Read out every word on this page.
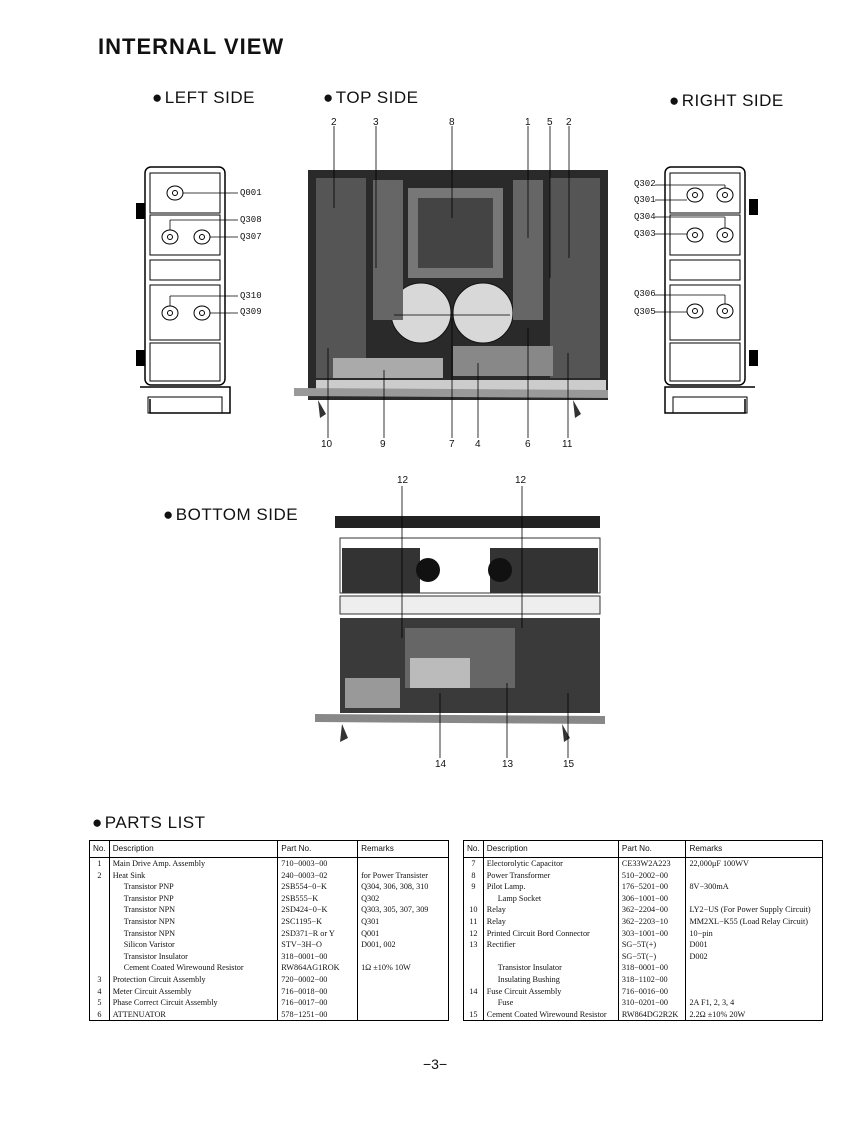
INTERNAL VIEW
● LEFT SIDE	● TOP SIDE	● RIGHT SIDE
● BOTTOM SIDE
● PARTS LIST
Q001
Q308
Q307
Q310
Q309
Q302
Q301
Q304
Q303
Q306
Q305
2	3	8	1 5 2
10	9	7 4	6	11
12	12
14	13	15
No.	Description	Part No.	Remarks
1	Main Drive Amp. Assembly	710−0003−00	
2	Heat Sink	240−0003−02	for Power Transister
	Transistor PNP	2SB554−0−K	Q304, 306, 308, 310
	Transistor PNP	2SB555−K	Q302
	Transistor NPN	2SD424−0−K	Q303, 305, 307, 309
	Transistor NPN	2SC1195−K	Q301
	Transistor NPN	2SD371−R or Y	Q001
	Silicon Varistor	STV−3H−O	D001, 002
	Transistor Insulator	318−0001−00	
	Cement Coated Wirewound Resistor	RW864AG1ROK	1Ω ±10% 10W
3	Protection Circuit Assembly	720−0002−00	
4	Meter Circuit Assembly	716−0018−00	
5	Phase Correct Circuit Assembly	716−0017−00	
6	ATTENUATOR	578−1251−00	
No.	Description	Part No.	Remarks
7	Electorolytic Capacitor	CE33W2A223	22,000μF 100WV
8	Power Transformer	510−2002−00	
9	Pilot Lamp.	176−5201−00	8V−300mA
	Lamp Socket	306−1001−00	
10	Relay	362−2204−00	LY2−US (For Power Supply Circuit)
11	Relay	362−2203−10	MM2XL−K55 (Load Relay Circuit)
12	Printed Circuit Bord Connector	303−1001−00	10−pin
13	Rectifier	SG−5T(+)	D001
		SG−5T(−)	D002
	Transistor Insulator	318−0001−00	
	Insulating Bushing	318−1102−00	
14	Fuse Circuit Assembly	716−0016−00	
	Fuse	310−0201−00	2A F1, 2, 3, 4
15	Cement Coated Wirewound Resistor	RW864DG2R2K	2.2Ω ±10% 20W
−3−
